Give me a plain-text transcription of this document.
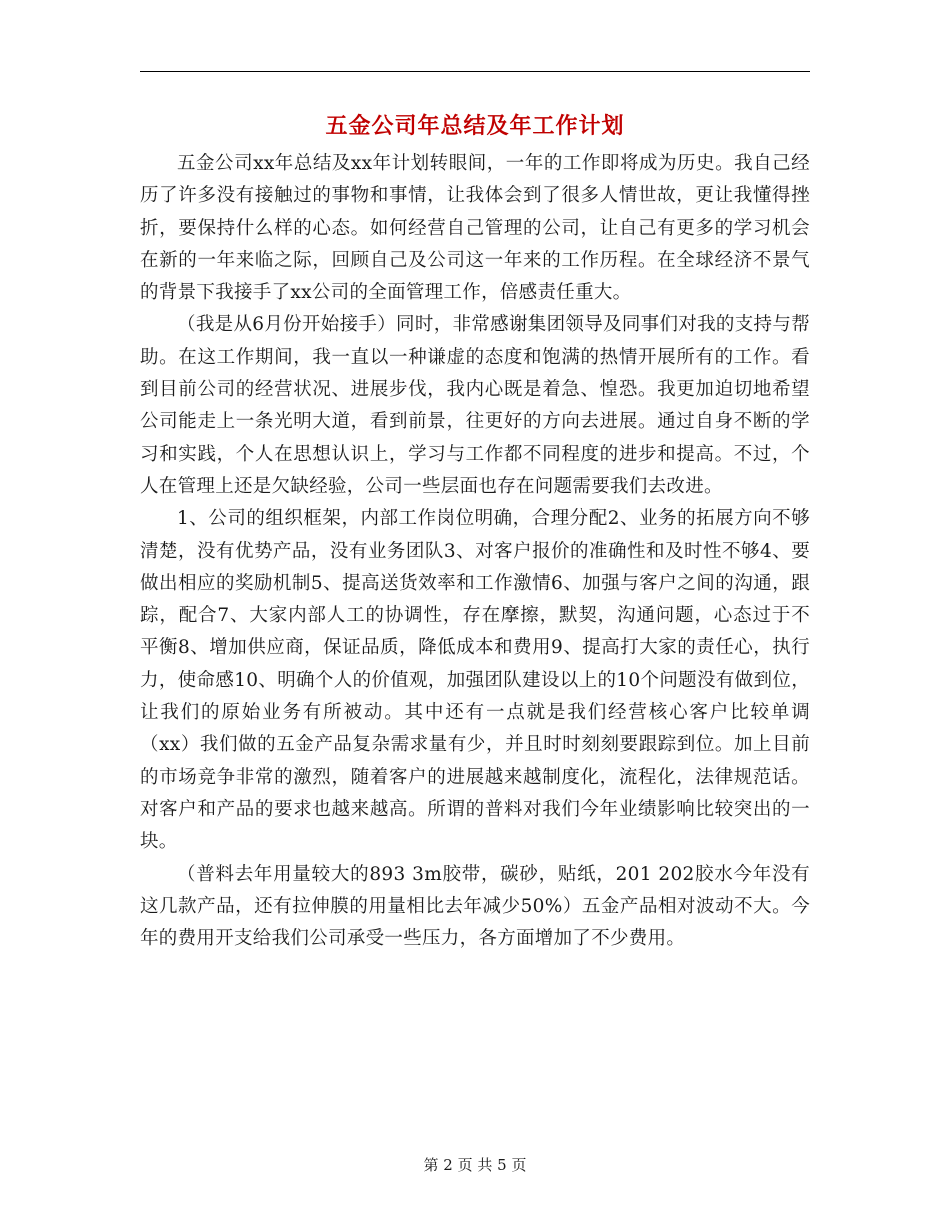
五金公司年总结及年工作计划

五金公司xx年总结及xx年计划转眼间，一年的工作即将成为历史。我自己经历了许多没有接触过的事物和事情，让我体会到了很多人情世故，更让我懂得挫折，要保持什么样的心态。如何经营自己管理的公司，让自己有更多的学习机会在新的一年来临之际，回顾自己及公司这一年来的工作历程。在全球经济不景气的背景下我接手了xx公司的全面管理工作，倍感责任重大。

（我是从6月份开始接手）同时，非常感谢集团领导及同事们对我的支持与帮助。在这工作期间，我一直以一种谦虚的态度和饱满的热情开展所有的工作。看到目前公司的经营状况、进展步伐，我内心既是着急、惶恐。我更加迫切地希望公司能走上一条光明大道，看到前景，往更好的方向去进展。通过自身不断的学习和实践，个人在思想认识上，学习与工作都不同程度的进步和提高。不过，个人在管理上还是欠缺经验，公司一些层面也存在问题需要我们去改进。

1、公司的组织框架，内部工作岗位明确，合理分配2、业务的拓展方向不够清楚，没有优势产品，没有业务团队3、对客户报价的准确性和及时性不够4、要做出相应的奖励机制5、提高送货效率和工作激情6、加强与客户之间的沟通，跟踪，配合7、大家内部人工的协调性，存在摩擦，默契，沟通问题，心态过于不平衡8、增加供应商，保证品质，降低成本和费用9、提高打大家的责任心，执行力，使命感10、明确个人的价值观，加强团队建设以上的10个问题没有做到位，让我们的原始业务有所被动。其中还有一点就是我们经营核心客户比较单调（xx）我们做的五金产品复杂需求量有少，并且时时刻刻要跟踪到位。加上目前的市场竞争非常的激烈，随着客户的进展越来越制度化，流程化，法律规范话。对客户和产品的要求也越来越高。所谓的普料对我们今年业绩影响比较突出的一块。

（普料去年用量较大的893 3m胶带，碳砂，贴纸，201 202胶水今年没有这几款产品，还有拉伸膜的用量相比去年减少50%）五金产品相对波动不大。今年的费用开支给我们公司承受一些压力，各方面增加了不少费用。

第 2 页 共 5 页
